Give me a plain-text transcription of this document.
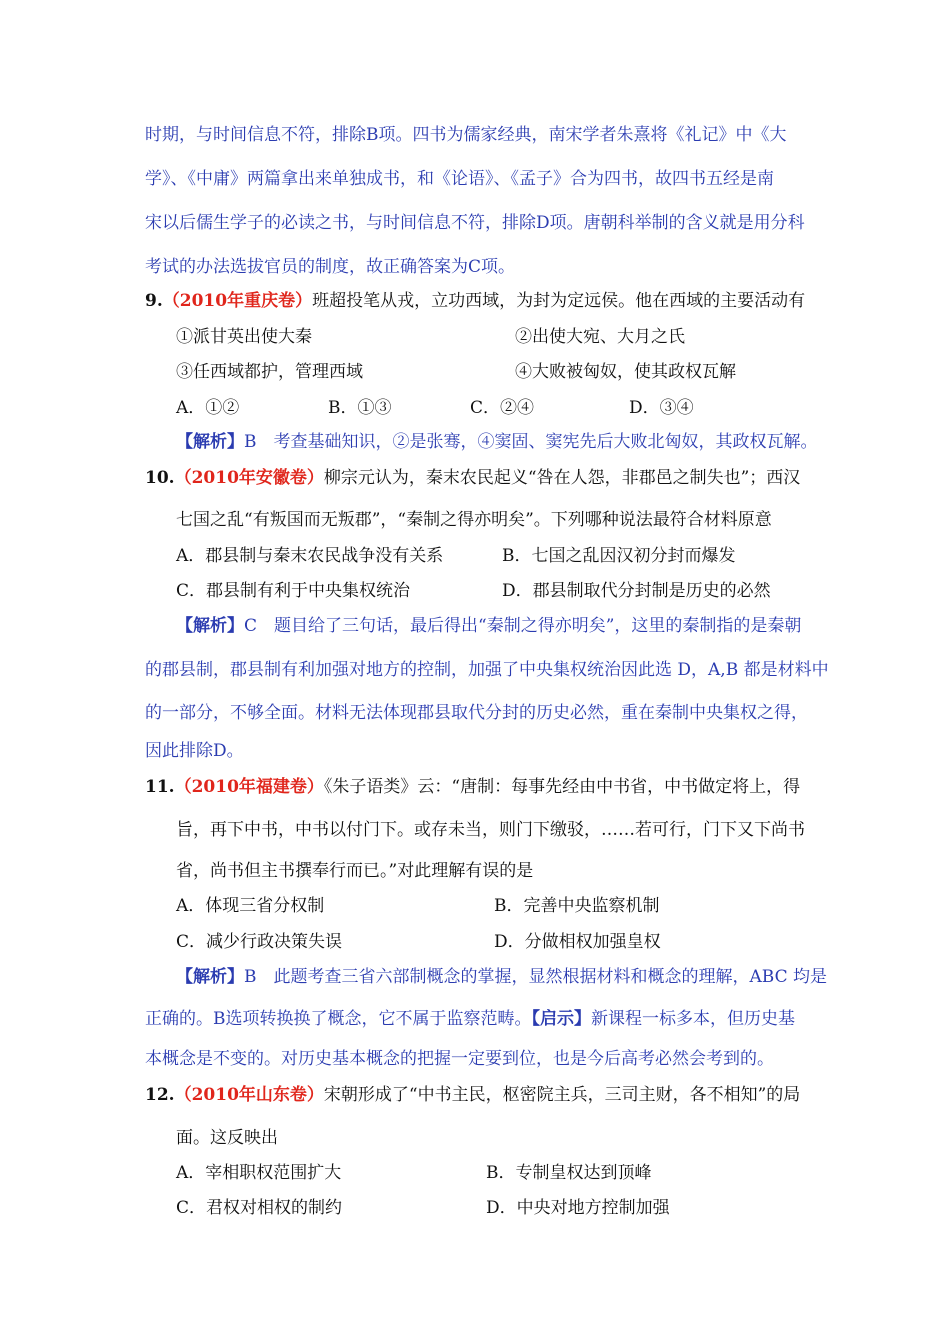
时期，与时间信息不符，排除B项。四书为儒家经典，南宋学者朱熹将《礼记》中《大
学》、《中庸》两篇拿出来单独成书，和《论语》、《孟子》合为四书，故四书五经是南
宋以后儒生学子的必读之书，与时间信息不符，排除D项。唐朝科举制的含义就是用分科
考试的办法选拔官员的制度，故正确答案为C项。
9.（2010年重庆卷）班超投笔从戎，立功西域，为封为定远侯。他在西域的主要活动有
①派甘英出使大秦	②出使大宛、大月之氏
③任西域都护，管理西域	④大败被匈奴，使其政权瓦解
A．①②	B．①③	C．②④	D．③④
【解析】B　考查基础知识，②是张骞，④窦固、窦宪先后大败北匈奴，其政权瓦解。
10.（2010年安徽卷）柳宗元认为，秦末农民起义“咎在人怨，非郡邑之制失也”；西汉
七国之乱“有叛国而无叛郡”，“秦制之得亦明矣”。下列哪种说法最符合材料原意
A．郡县制与秦末农民战争没有关系	B．七国之乱因汉初分封而爆发
C．郡县制有利于中央集权统治	D．郡县制取代分封制是历史的必然
【解析】C　题目给了三句话，最后得出“秦制之得亦明矣”，这里的秦制指的是秦朝
的郡县制，郡县制有利加强对地方的控制，加强了中央集权统治因此选 D，A,B 都是材料中
的一部分，不够全面。材料无法体现郡县取代分封的历史必然，重在秦制中央集权之得，
因此排除D。
11.（2010年福建卷）《朱子语类》云：“唐制：每事先经由中书省，中书做定将上，得
旨，再下中书，中书以付门下。或存未当，则门下缴驳，……若可行，门下又下尚书
省，尚书但主书撰奉行而已。”对此理解有误的是
A．体现三省分权制	B．完善中央监察机制
C．减少行政决策失误	D．分做相权加强皇权
【解析】B　此题考查三省六部制概念的掌握，显然根据材料和概念的理解，ABC 均是
正确的。B选项转换换了概念，它不属于监察范畴。【启示】新课程一标多本，但历史基
本概念是不变的。对历史基本概念的把握一定要到位，也是今后高考必然会考到的。
12.（2010年山东卷）宋朝形成了“中书主民，枢密院主兵，三司主财，各不相知”的局
面。这反映出
A．宰相职权范围扩大	B．专制皇权达到顶峰
C．君权对相权的制约	D．中央对地方控制加强
